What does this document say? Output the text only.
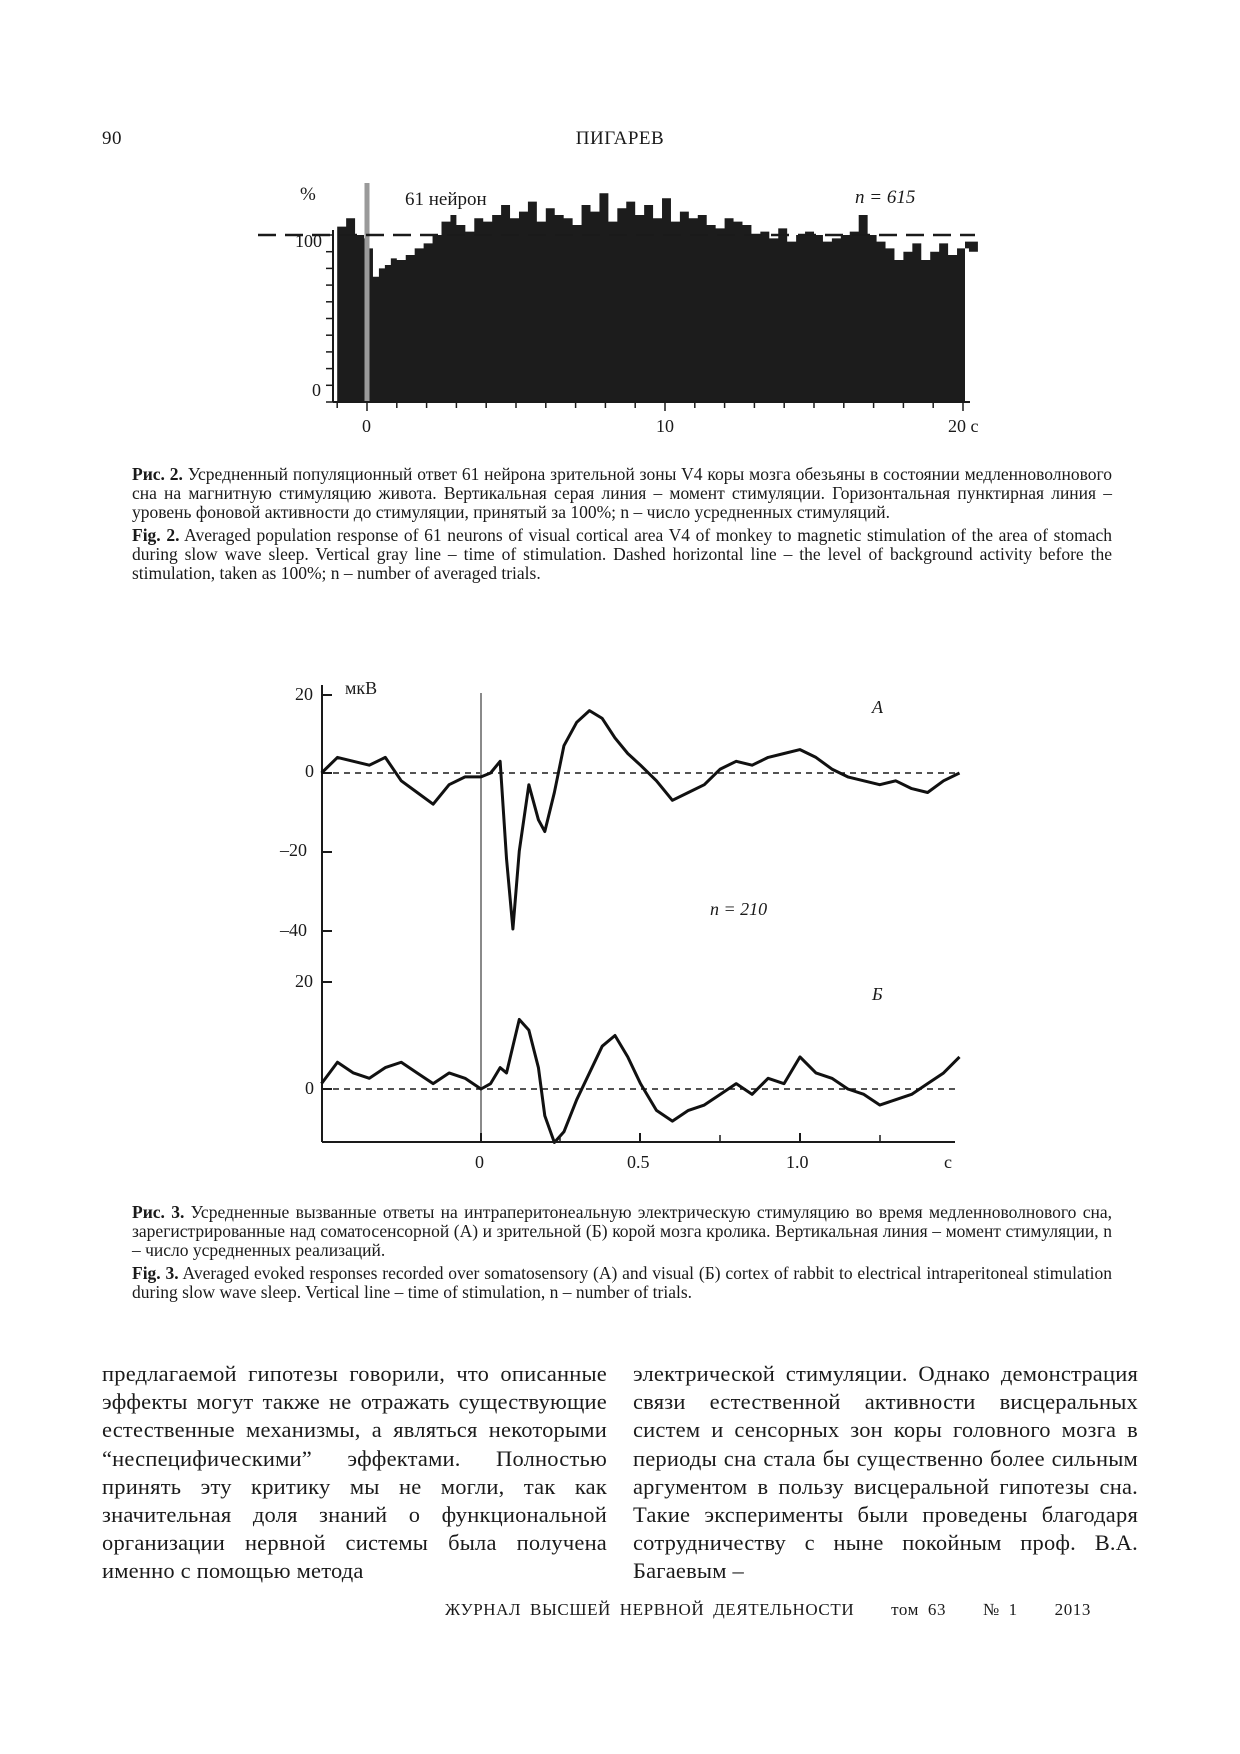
90	ПИГАРЕВ
%
100
0
61 нейрон	n = 615
0	10	20 с

Рис. 2. Усредненный популяционный ответ 61 нейрона зрительной зоны V4 коры мозга обезьяны в состоянии медленноволнового сна на магнитную стимуляцию живота. Вертикальная серая линия – момент стимуляции. Горизонтальная пунктирная линия – уровень фоновой активности до стимуляции, принятый за 100%; n – число усредненных стимуляций.

Fig. 2. Averaged population response of 61 neurons of visual cortical area V4 of monkey to magnetic stimulation of the area of stomach during slow wave sleep. Vertical gray line – time of stimulation. Dashed horizontal line – the level of background activity before the stimulation, taken as 100%; n – number of averaged trials.

мкВ
n = 210
А
Б
20
0
–20
–40
20
0
0	0.5	1.0	с

Рис. 3. Усредненные вызванные ответы на интраперитонеальную электрическую стимуляцию во время медленноволнового сна, зарегистрированные над соматосенсорной (А) и зрительной (Б) корой мозга кролика. Вертикальная линия – момент стимуляции, n – число усредненных реализаций.

Fig. 3. Averaged evoked responses recorded over somatosensory (А) and visual (Б) cortex of rabbit to electrical intraperitoneal stimulation during slow wave sleep. Vertical line – time of stimulation, n – number of trials.

предлагаемой гипотезы говорили, что описанные эффекты могут также не отражать существующие естественные механизмы, а являться некоторыми “неспецифическими” эффектами. Полностью принять эту критику мы не могли, так как значительная доля знаний о функциональной организации нервной системы была получена именно с помощью метода
электрической стимуляции. Однако демонстрация связи естественной активности висцеральных систем и сенсорных зон коры головного мозга в периоды сна стала бы существенно более сильным аргументом в пользу висцеральной гипотезы сна. Такие эксперименты были проведены благодаря сотрудничеству с ныне покойным проф. В.А. Багаевым –
ЖУРНАЛ ВЫСШЕЙ НЕРВНОЙ ДЕЯТЕЛЬНОСТИ том 63 № 1 2013
